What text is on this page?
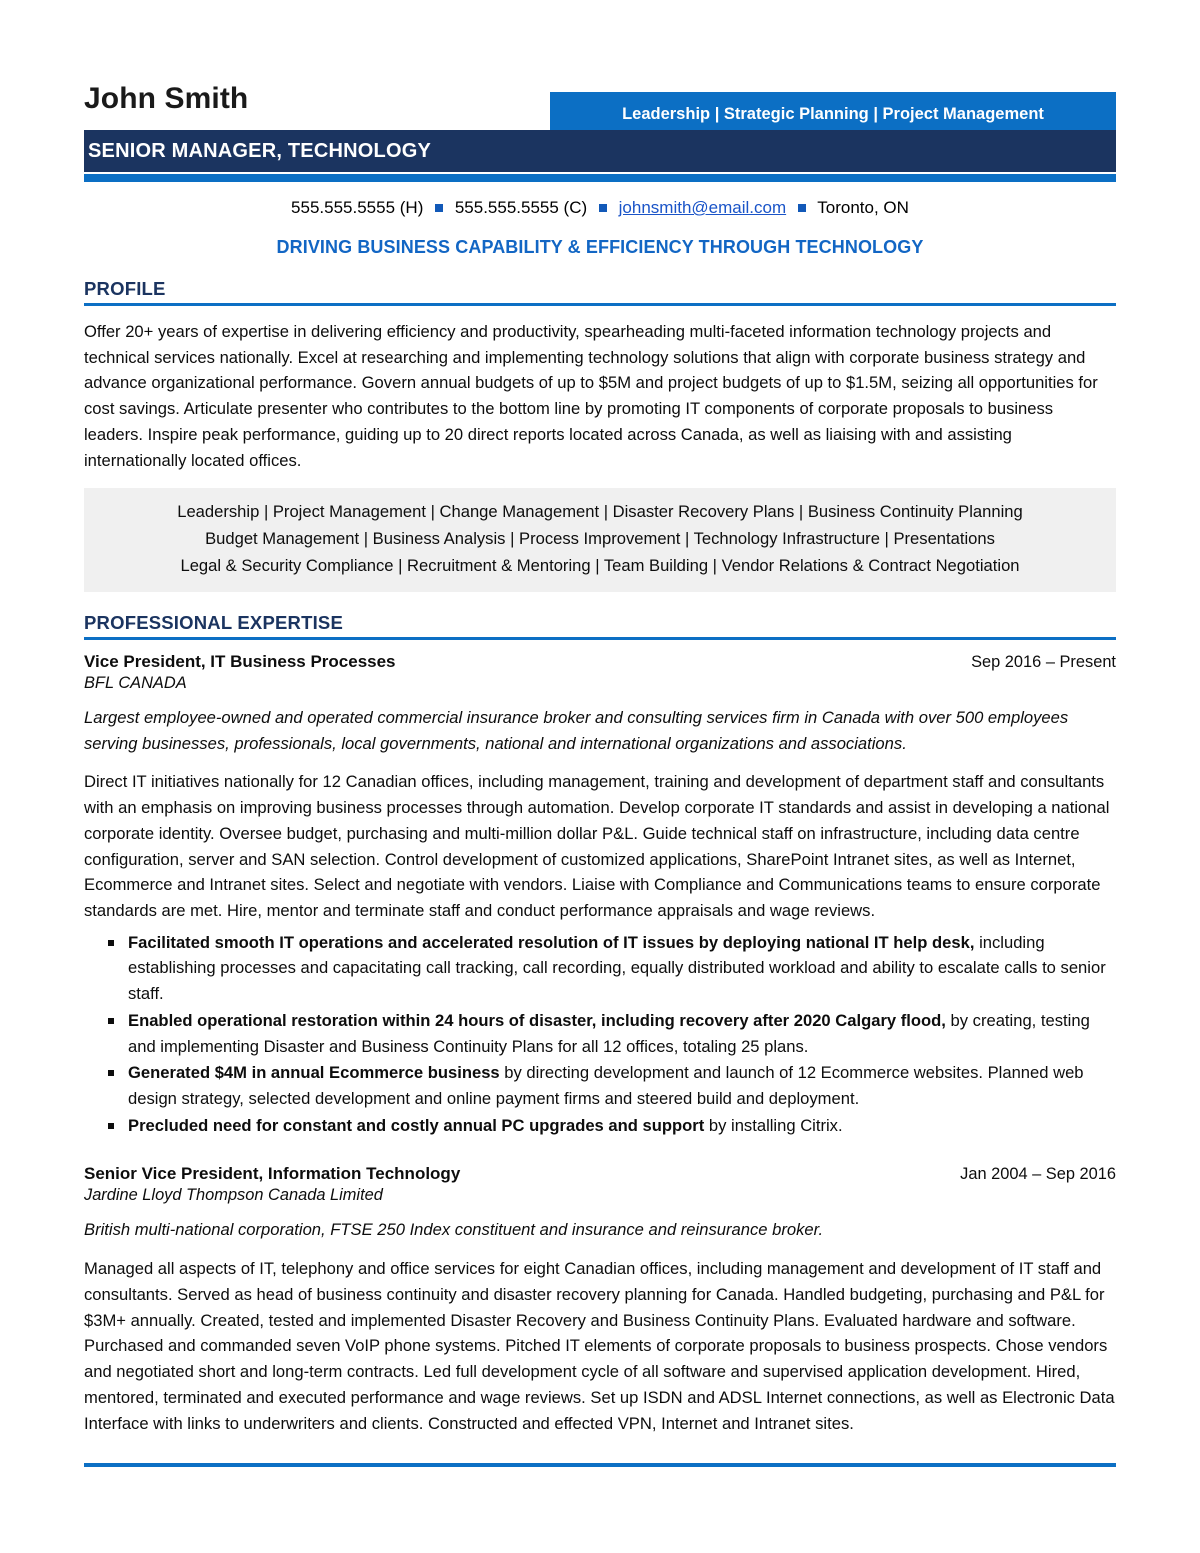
John Smith	Leadership | Strategic Planning | Project Management
SENIOR MANAGER, TECHNOLOGY
555.555.5555 (H) 555.555.5555 (C) johnsmith@email.com Toronto, ON
DRIVING BUSINESS CAPABILITY & EFFICIENCY THROUGH TECHNOLOGY
PROFILE

Offer 20+ years of expertise in delivering efficiency and productivity, spearheading multi-faceted information technology projects and technical services nationally. Excel at researching and implementing technology solutions that align with corporate business strategy and advance organizational performance. Govern annual budgets of up to $5M and project budgets of up to $1.5M, seizing all opportunities for cost savings. Articulate presenter who contributes to the bottom line by promoting IT components of corporate proposals to business leaders. Inspire peak performance, guiding up to 20 direct reports located across Canada, as well as liaising with and assisting internationally located offices.

Leadership | Project Management | Change Management | Disaster Recovery Plans | Business Continuity Planning
Budget Management | Business Analysis | Process Improvement | Technology Infrastructure | Presentations
Legal & Security Compliance | Recruitment & Mentoring | Team Building | Vendor Relations & Contract Negotiation
PROFESSIONAL EXPERTISE
Vice President, IT Business Processes	Sep 2016 – Present
BFL CANADA
Largest employee-owned and operated commercial insurance broker and consulting services firm in Canada with over 500 employees serving businesses, professionals, local governments, national and international organizations and associations.

Direct IT initiatives nationally for 12 Canadian offices, including management, training and development of department staff and consultants with an emphasis on improving business processes through automation. Develop corporate IT standards and assist in developing a national corporate identity. Oversee budget, purchasing and multi-million dollar P&L. Guide technical staff on infrastructure, including data centre configuration, server and SAN selection. Control development of customized applications, SharePoint Intranet sites, as well as Internet, Ecommerce and Intranet sites. Select and negotiate with vendors. Liaise with Compliance and Communications teams to ensure corporate standards are met. Hire, mentor and terminate staff and conduct performance appraisals and wage reviews.

Facilitated smooth IT operations and accelerated resolution of IT issues by deploying national IT help desk, including establishing processes and capacitating call tracking, call recording, equally distributed workload and ability to escalate calls to senior staff.
Enabled operational restoration within 24 hours of disaster, including recovery after 2020 Calgary flood, by creating, testing and implementing Disaster and Business Continuity Plans for all 12 offices, totaling 25 plans.
Generated $4M in annual Ecommerce business by directing development and launch of 12 Ecommerce websites. Planned web design strategy, selected development and online payment firms and steered build and deployment.
Precluded need for constant and costly annual PC upgrades and support by installing Citrix.
Senior Vice President, Information Technology	Jan 2004 – Sep 2016
Jardine Lloyd Thompson Canada Limited
British multi-national corporation, FTSE 250 Index constituent and insurance and reinsurance broker.

Managed all aspects of IT, telephony and office services for eight Canadian offices, including management and development of IT staff and consultants. Served as head of business continuity and disaster recovery planning for Canada. Handled budgeting, purchasing and P&L for $3M+ annually. Created, tested and implemented Disaster Recovery and Business Continuity Plans. Evaluated hardware and software. Purchased and commanded seven VoIP phone systems. Pitched IT elements of corporate proposals to business prospects. Chose vendors and negotiated short and long-term contracts. Led full development cycle of all software and supervised application development. Hired, mentored, terminated and executed performance and wage reviews. Set up ISDN and ADSL Internet connections, as well as Electronic Data Interface with links to underwriters and clients. Constructed and effected VPN, Internet and Intranet sites.
